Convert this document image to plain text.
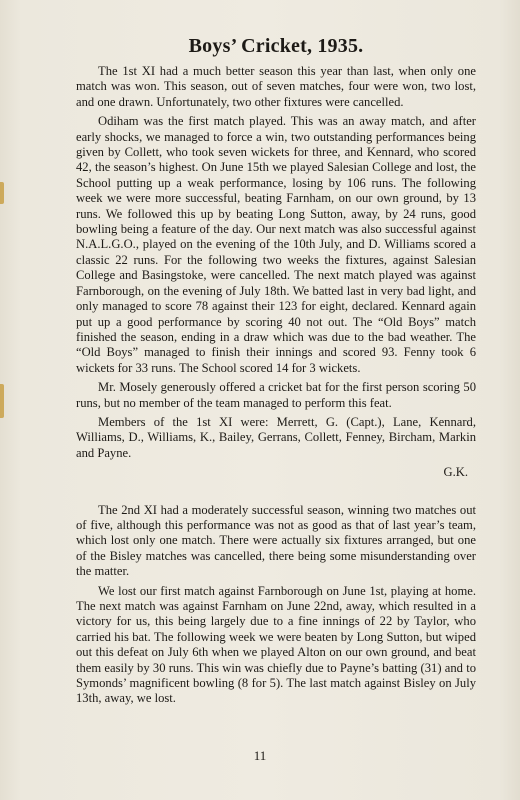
Boys’ Cricket, 1935.

The 1st XI had a much better season this year than last, when only one match was won. This season, out of seven matches, four were won, two lost, and one drawn. Unfortunately, two other fixtures were cancelled.

Odiham was the first match played. This was an away match, and after early shocks, we managed to force a win, two outstanding performances being given by Collett, who took seven wickets for three, and Kennard, who scored 42, the season’s highest. On June 15th we played Salesian College and lost, the School putting up a weak performance, losing by 106 runs. The following week we were more successful, beating Farnham, on our own ground, by 13 runs. We followed this up by beating Long Sutton, away, by 24 runs, good bowling being a feature of the day. Our next match was also successful against N.A.L.G.O., played on the evening of the 10th July, and D. Williams scored a classic 22 runs. For the following two weeks the fixtures, against Salesian College and Basingstoke, were cancelled. The next match played was against Farnborough, on the evening of July 18th. We batted last in very bad light, and only managed to score 78 against their 123 for eight, declared. Kennard again put up a good performance by scoring 40 not out. The “Old Boys” match finished the season, ending in a draw which was due to the bad weather. The “Old Boys” managed to finish their innings and scored 93. Fenny took 6 wickets for 33 runs. The School scored 14 for 3 wickets.

Mr. Mosely generously offered a cricket bat for the first person scoring 50 runs, but no member of the team managed to perform this feat.

Members of the 1st XI were: Merrett, G. (Capt.), Lane, Kennard, Williams, D., Williams, K., Bailey, Gerrans, Collett, Fenney, Bircham, Markin and Payne.

G.K.

The 2nd XI had a moderately successful season, winning two matches out of five, although this performance was not as good as that of last year’s team, which lost only one match. There were actually six fixtures arranged, but one of the Bisley matches was cancelled, there being some misunderstanding over the matter.

We lost our first match against Farnborough on June 1st, playing at home. The next match was against Farnham on June 22nd, away, which resulted in a victory for us, this being largely due to a fine innings of 22 by Taylor, who carried his bat. The following week we were beaten by Long Sutton, but wiped out this defeat on July 6th when we played Alton on our own ground, and beat them easily by 30 runs. This win was chiefly due to Payne’s batting (31) and to Symonds’ magnificent bowling (8 for 5). The last match against Bisley on July 13th, away, we lost.

11
